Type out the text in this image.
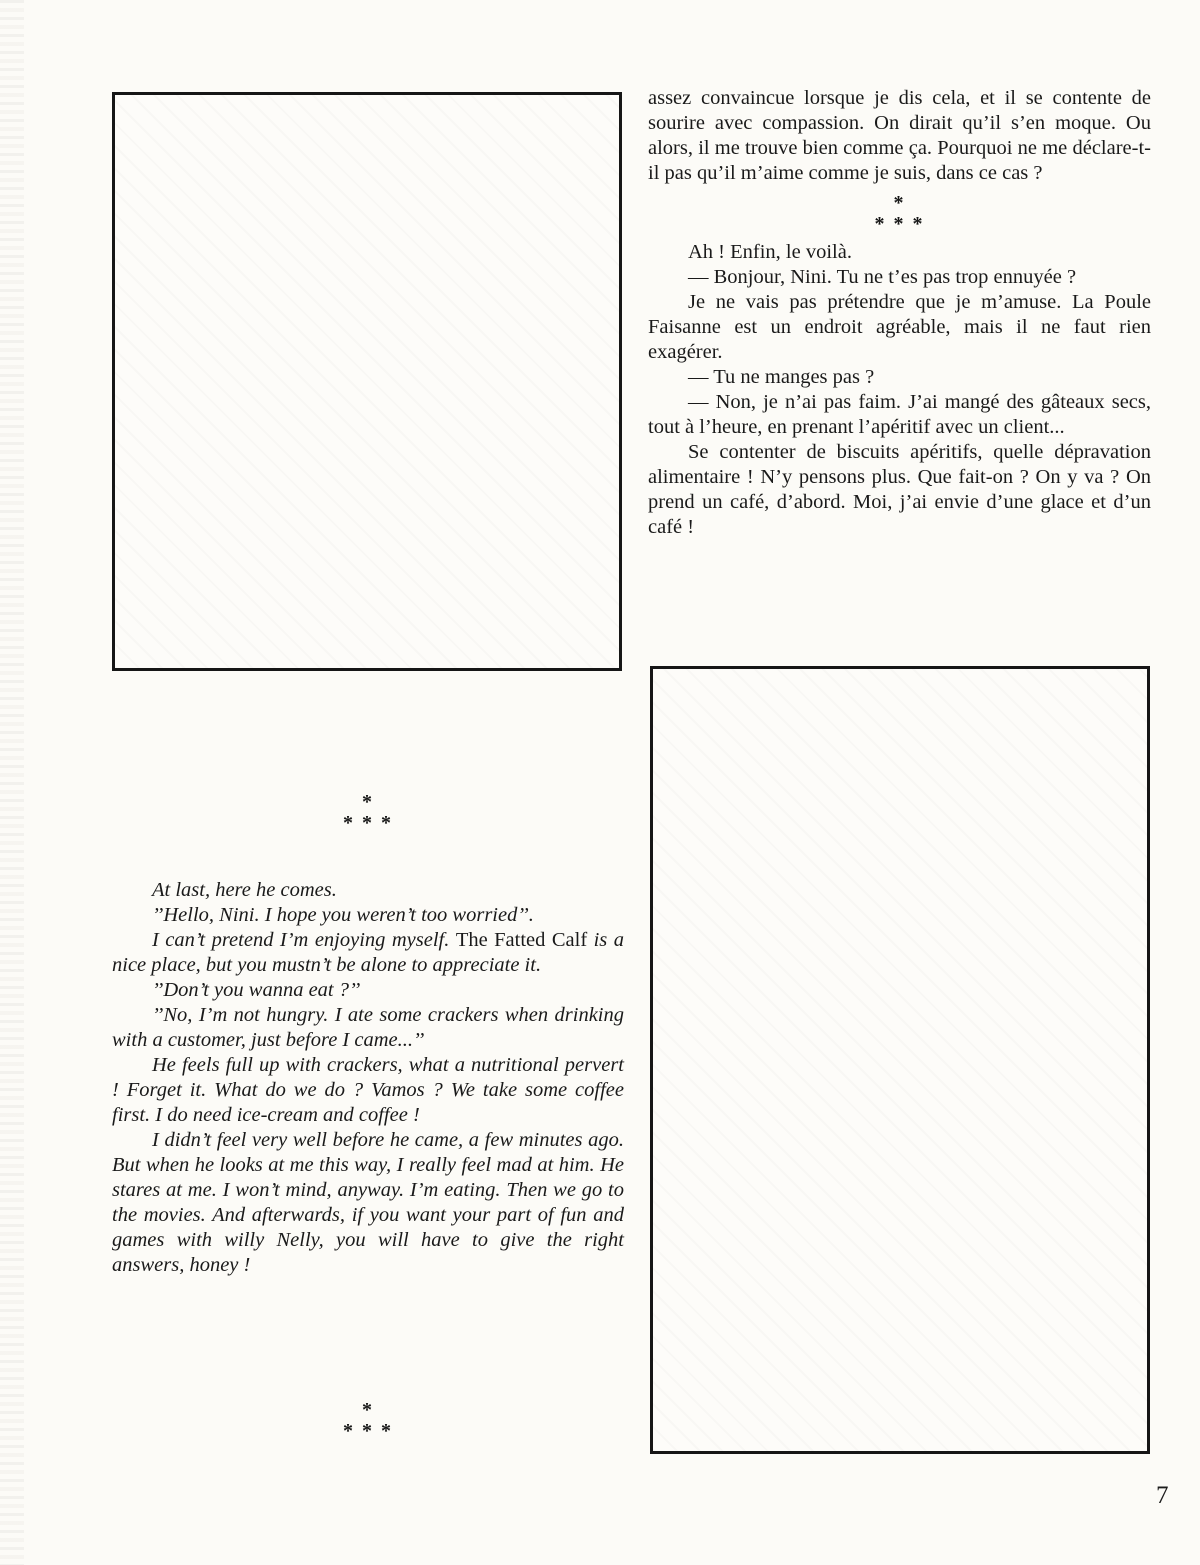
assez convaincue lorsque je dis cela, et il se contente de sourire avec compassion. On dirait qu’il s’en moque. Ou alors, il me trouve bien comme ça. Pourquoi ne me déclare-t-il pas qu’il m’aime comme je suis, dans ce cas ?

*
* * *

Ah ! Enfin, le voilà.

— Bonjour, Nini. Tu ne t’es pas trop ennuyée ?

Je ne vais pas prétendre que je m’amuse. La Poule Faisanne est un endroit agréable, mais il ne faut rien exagérer.

— Tu ne manges pas ?

— Non, je n’ai pas faim. J’ai mangé des gâteaux secs, tout à l’heure, en prenant l’apéritif avec un client...

Se contenter de biscuits apéritifs, quelle dépravation alimentaire ! N’y pensons plus. Que fait-on ? On y va ? On prend un café, d’abord. Moi, j’ai envie d’une glace et d’un café !

*
* * *

At last, here he comes.

’’Hello, Nini. I hope you weren’t too worried’’.

I can’t pretend I’m enjoying myself. The Fatted Calf is a nice place, but you mustn’t be alone to appreciate it.

’’Don’t you wanna eat ?’’

’’No, I’m not hungry. I ate some crackers when drinking with a customer, just before I came...’’

He feels full up with crackers, what a nutritional pervert ! Forget it. What do we do ? Vamos ? We take some coffee first. I do need ice-cream and coffee !

I didn’t feel very well before he came, a few minutes ago. But when he looks at me this way, I really feel mad at him. He stares at me. I won’t mind, anyway. I’m eating. Then we go to the movies. And afterwards, if you want your part of fun and games with willy Nelly, you will have to give the right answers, honey !

*
* * *
7
